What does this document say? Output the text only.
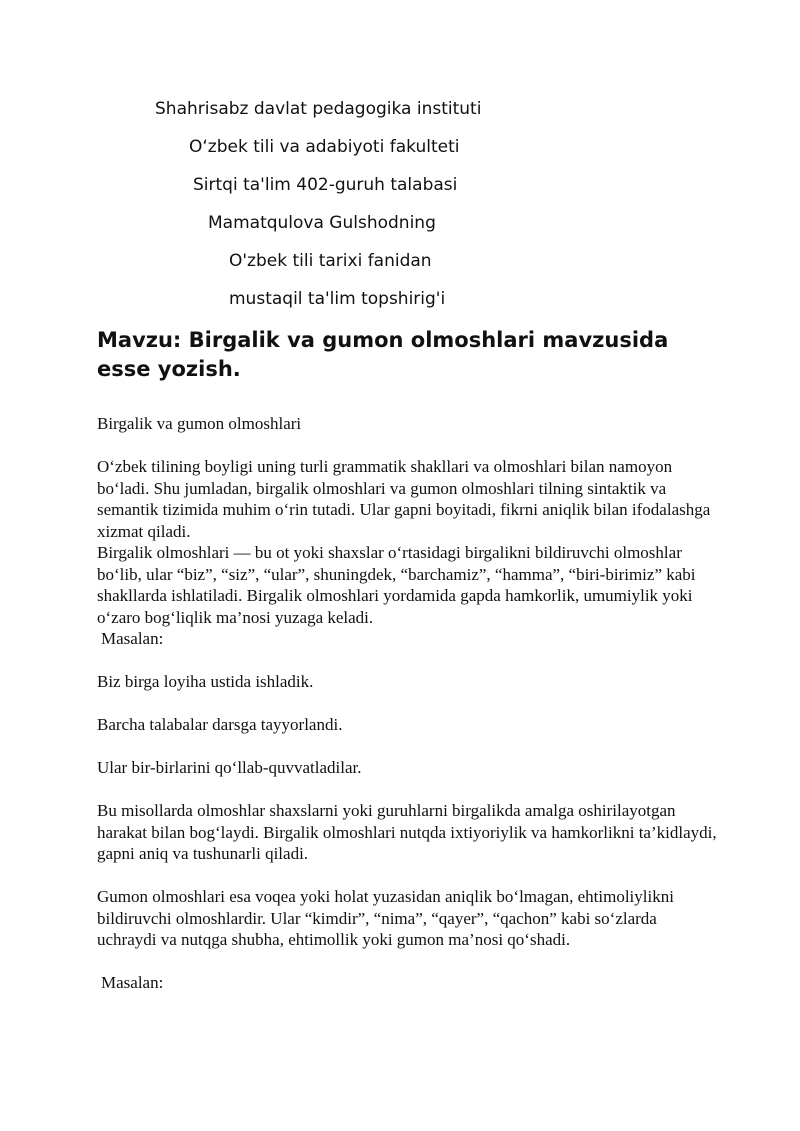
Shahrisabz davlat pedagogika instituti
O‘zbek tili va adabiyoti fakulteti
Sirtqi ta'lim 402-guruh talabasi
Mamatqulova Gulshodning
O'zbek tili tarixi fanidan
mustaqil ta'lim topshirig'i
Mavzu: Birgalik va gumon olmoshlari mavzusida esse yozish.

Birgalik va gumon olmoshlari

O‘zbek tilining boyligi uning turli grammatik shakllari va olmoshlari bilan namoyon bo‘ladi. Shu jumladan, birgalik olmoshlari va gumon olmoshlari tilning sintaktik va semantik tizimida muhim o‘rin tutadi. Ular gapni boyitadi, fikrni aniqlik bilan ifodalashga xizmat qiladi.

Birgalik olmoshlari — bu ot yoki shaxslar o‘rtasidagi birgalikni bildiruvchi olmoshlar bo‘lib, ular “biz”, “siz”, “ular”, shuningdek, “barchamiz”, “hamma”, “biri-birimiz” kabi shakllarda ishlatiladi. Birgalik olmoshlari yordamida gapda hamkorlik, umumiylik yoki o‘zaro bog‘liqlik ma’nosi yuzaga keladi.

Masalan:

Biz birga loyiha ustida ishladik.

Barcha talabalar darsga tayyorlandi.

Ular bir-birlarini qo‘llab-quvvatladilar.

Bu misollarda olmoshlar shaxslarni yoki guruhlarni birgalikda amalga oshirilayotgan harakat bilan bog‘laydi. Birgalik olmoshlari nutqda ixtiyoriylik va hamkorlikni ta’kidlaydi, gapni aniq va tushunarli qiladi.

Gumon olmoshlari esa voqea yoki holat yuzasidan aniqlik bo‘lmagan, ehtimoliylikni bildiruvchi olmoshlardir. Ular “kimdir”, “nima”, “qayer”, “qachon” kabi so‘zlarda uchraydi va nutqga shubha, ehtimollik yoki gumon ma’nosi qo‘shadi.

Masalan:
